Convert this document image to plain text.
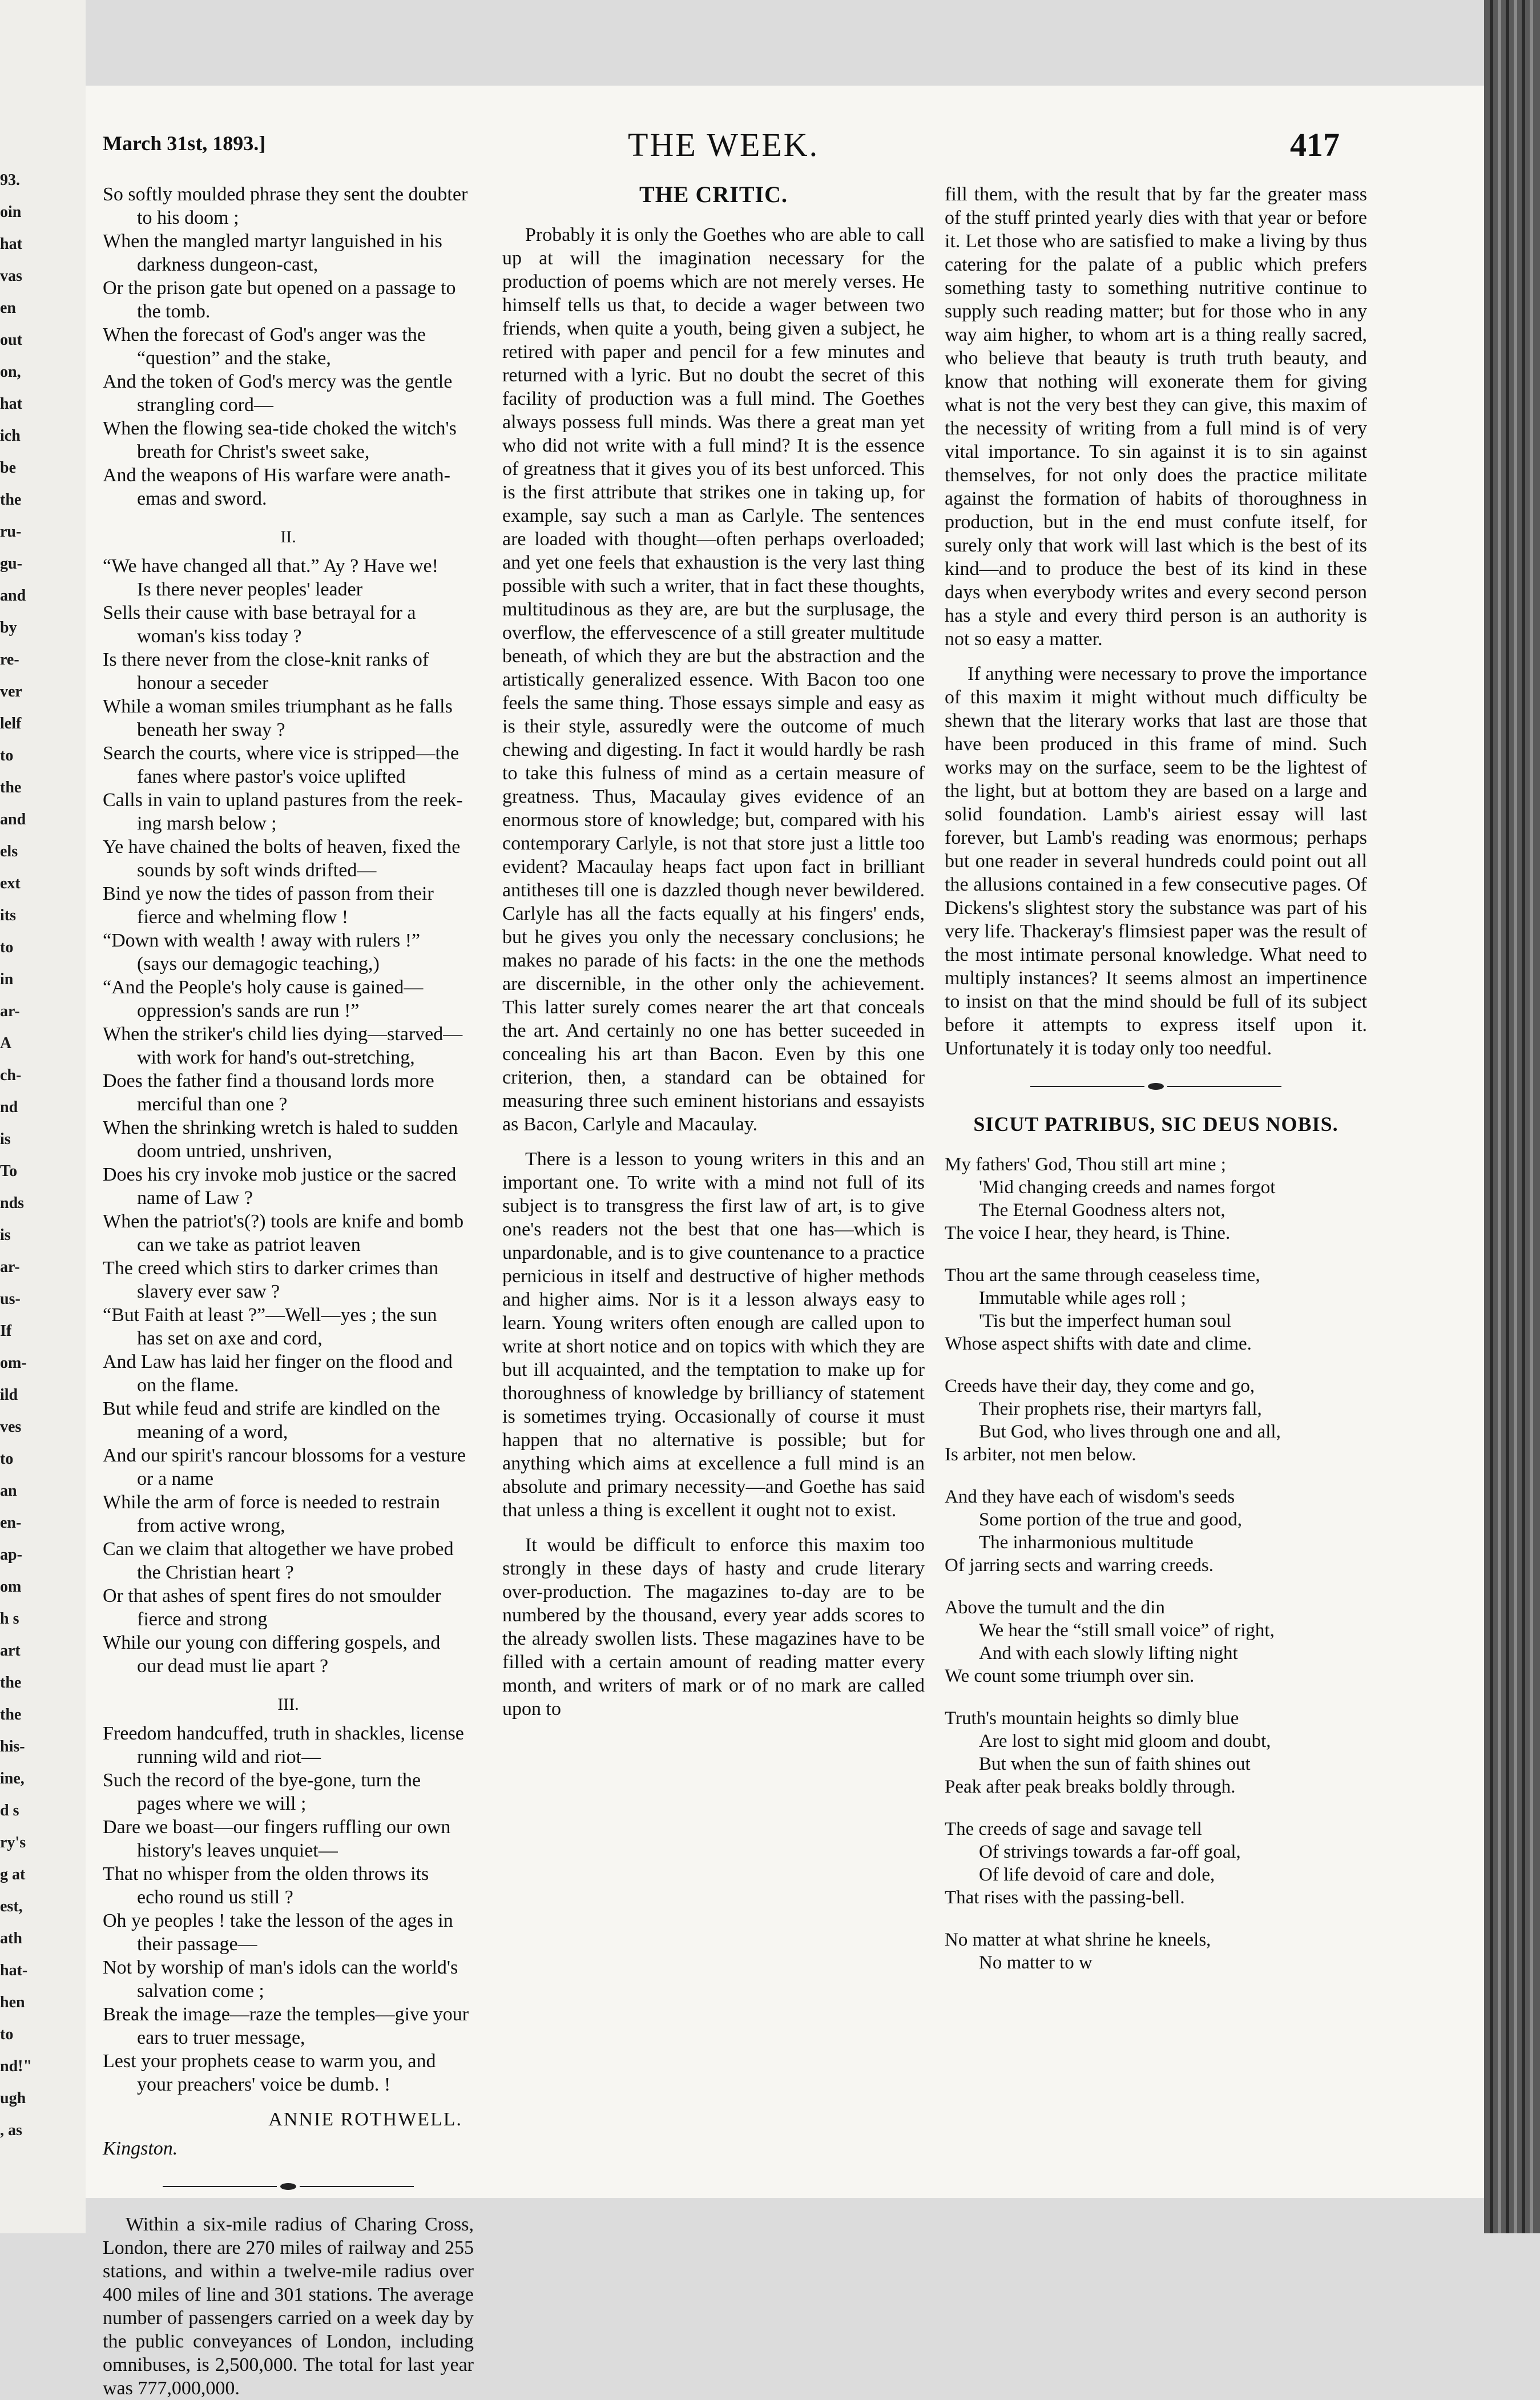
93.
oin
hat
vas
en
out
on,
hat
ich
be
the
ru-
gu-
and
by
re-
ver
lelf
to
the
and
els
ext
its
to
in
ar-
A
ch-
nd
is
To
nds
is
ar-
us-
If
om-
ild
ves
to
an
en-
ap-
om
h s
art
the
the
his-
ine,
d s
ry's
g at
est,
ath
hat-
hen
to
nd!"
ugh
, as
March 31st, 1893.]	THE WEEK.	417
So softly moulded phrase they sent the doubter
to his doom ;
When the mangled martyr languished in his
darkness dungeon-cast,
Or the prison gate but opened on a passage to
the tomb.
When the forecast of God's anger was the
“question” and the stake,
And the token of God's mercy was the gentle
strangling cord—
When the flowing sea-tide choked the witch's
breath for Christ's sweet sake,
And the weapons of His warfare were anath-
emas and sword.
II.
“We have changed all that.” Ay ? Have we!
Is there never peoples' leader
Sells their cause with base betrayal for a
woman's kiss today ?
Is there never from the close-knit ranks of
honour a seceder
While a woman smiles triumphant as he falls
beneath her sway ?
Search the courts, where vice is stripped—the
fanes where pastor's voice uplifted
Calls in vain to upland pastures from the reek-
ing marsh below ;
Ye have chained the bolts of heaven, fixed the
sounds by soft winds drifted—
Bind ye now the tides of passon from their
fierce and whelming flow !
“Down with wealth ! away with rulers !”
(says our demagogic teaching,)
“And the People's holy cause is gained—
oppression's sands are run !”
When the striker's child lies dying—starved—
with work for hand's out-stretching,
Does the father find a thousand lords more
merciful than one ?
When the shrinking wretch is haled to sudden
doom untried, unshriven,
Does his cry invoke mob justice or the sacred
name of Law ?
When the patriot's(?) tools are knife and bomb
can we take as patriot leaven
The creed which stirs to darker crimes than
slavery ever saw ?
“But Faith at least ?”—Well—yes ; the sun
has set on axe and cord,
And Law has laid her finger on the flood and
on the flame.
But while feud and strife are kindled on the
meaning of a word,
And our spirit's rancour blossoms for a vesture
or a name
While the arm of force is needed to restrain
from active wrong,
Can we claim that altogether we have probed
the Christian heart ?
Or that ashes of spent fires do not smoulder
fierce and strong
While our young con differing gospels, and
our dead must lie apart ?
III.
Freedom handcuffed, truth in shackles, license
running wild and riot—
Such the record of the bye-gone, turn the
pages where we will ;
Dare we boast—our fingers ruffling our own
history's leaves unquiet—
That no whisper from the olden throws its
echo round us still ?
Oh ye peoples ! take the lesson of the ages in
their passage—
Not by worship of man's idols can the world's
salvation come ;
Break the image—raze the temples—give your
ears to truer message,
Lest your prophets cease to warm you, and
your preachers' voice be dumb. !
ANNIE ROTHWELL.
Kingston.

Within a six-mile radius of Charing Cross, London, there are 270 miles of railway and 255 stations, and within a twelve-mile radius over 400 miles of line and 301 stations. The average number of passengers carried on a week day by the public conveyances of London, including omnibuses, is 2,500,000. The total for last year was 777,000,000.

THE CRITIC.

Probably it is only the Goethes who are able to call up at will the imagination necessary for the production of poems which are not merely verses. He himself tells us that, to decide a wager between two friends, when quite a youth, being given a subject, he retired with paper and pencil for a few minutes and returned with a lyric. But no doubt the secret of this facility of production was a full mind. The Goethes always possess full minds. Was there a great man yet who did not write with a full mind? It is the essence of greatness that it gives you of its best unforced. This is the first attribute that strikes one in taking up, for example, say such a man as Carlyle. The sentences are loaded with thought—often perhaps overloaded; and yet one feels that exhaustion is the very last thing possible with such a writer, that in fact these thoughts, multitudinous as they are, are but the surplusage, the overflow, the effervescence of a still greater multitude beneath, of which they are but the abstraction and the artistically generalized essence. With Bacon too one feels the same thing. Those essays simple and easy as is their style, assuredly were the outcome of much chewing and digesting. In fact it would hardly be rash to take this fulness of mind as a certain measure of greatness. Thus, Macaulay gives evidence of an enormous store of knowledge; but, compared with his contemporary Carlyle, is not that store just a little too evident? Macaulay heaps fact upon fact in brilliant antitheses till one is dazzled though never bewildered. Carlyle has all the facts equally at his fingers' ends, but he gives you only the necessary conclusions; he makes no parade of his facts: in the one the methods are discernible, in the other only the achievement. This latter surely comes nearer the art that conceals the art. And certainly no one has better suceeded in concealing his art than Bacon. Even by this one criterion, then, a standard can be obtained for measuring three such eminent historians and essayists as Bacon, Carlyle and Macaulay.

There is a lesson to young writers in this and an important one. To write with a mind not full of its subject is to transgress the first law of art, is to give one's readers not the best that one has—which is unpardonable, and is to give countenance to a practice pernicious in itself and destructive of higher methods and higher aims. Nor is it a lesson always easy to learn. Young writers often enough are called upon to write at short notice and on topics with which they are but ill acquainted, and the temptation to make up for thoroughness of knowledge by brilliancy of statement is sometimes trying. Occasionally of course it must happen that no alternative is possible; but for anything which aims at excellence a full mind is an absolute and primary necessity—and Goethe has said that unless a thing is excellent it ought not to exist.

It would be difficult to enforce this maxim too strongly in these days of hasty and crude literary over-production. The magazines to-day are to be numbered by the thousand, every year adds scores to the already swollen lists. These magazines have to be filled with a certain amount of reading matter every month, and writers of mark or of no mark are called upon to

fill them, with the result that by far the greater mass of the stuff printed yearly dies with that year or before it. Let those who are satisfied to make a living by thus catering for the palate of a public which prefers something tasty to something nutritive continue to supply such reading matter; but for those who in any way aim higher, to whom art is a thing really sacred, who believe that beauty is truth truth beauty, and know that nothing will exonerate them for giving what is not the very best they can give, this maxim of the necessity of writing from a full mind is of very vital importance. To sin against it is to sin against themselves, for not only does the practice militate against the formation of habits of thoroughness in production, but in the end must confute itself, for surely only that work will last which is the best of its kind—and to produce the best of its kind in these days when everybody writes and every second person has a style and every third person is an authority is not so easy a matter.

If anything were necessary to prove the importance of this maxim it might without much difficulty be shewn that the literary works that last are those that have been produced in this frame of mind. Such works may on the surface, seem to be the lightest of the light, but at bottom they are based on a large and solid foundation. Lamb's airiest essay will last forever, but Lamb's reading was enormous; perhaps but one reader in several hundreds could point out all the allusions contained in a few consecutive pages. Of Dickens's slightest story the substance was part of his very life. Thackeray's flimsiest paper was the result of the most intimate personal knowledge. What need to multiply instances? It seems almost an impertinence to insist on that the mind should be full of its subject before it attempts to express itself upon it. Unfortunately it is today only too needful.

SICUT PATRIBUS, SIC DEUS NOBIS.
My fathers' God, Thou still art mine ;
'Mid changing creeds and names forgot
The Eternal Goodness alters not,
The voice I hear, they heard, is Thine.
Thou art the same through ceaseless time,
Immutable while ages roll ;
'Tis but the imperfect human soul
Whose aspect shifts with date and clime.
Creeds have their day, they come and go,
Their prophets rise, their martyrs fall,
But God, who lives through one and all,
Is arbiter, not men below.
And they have each of wisdom's seeds
Some portion of the true and good,
The inharmonious multitude
Of jarring sects and warring creeds.
Above the tumult and the din
We hear the “still small voice” of right,
And with each slowly lifting night
We count some triumph over sin.
Truth's mountain heights so dimly blue
Are lost to sight mid gloom and doubt,
But when the sun of faith shines out
Peak after peak breaks boldly through.
The creeds of sage and savage tell
Of strivings towards a far-off goal,
Of life devoid of care and dole,
That rises with the passing-bell.
No matter at what shrine he kneels,
No matter to w
